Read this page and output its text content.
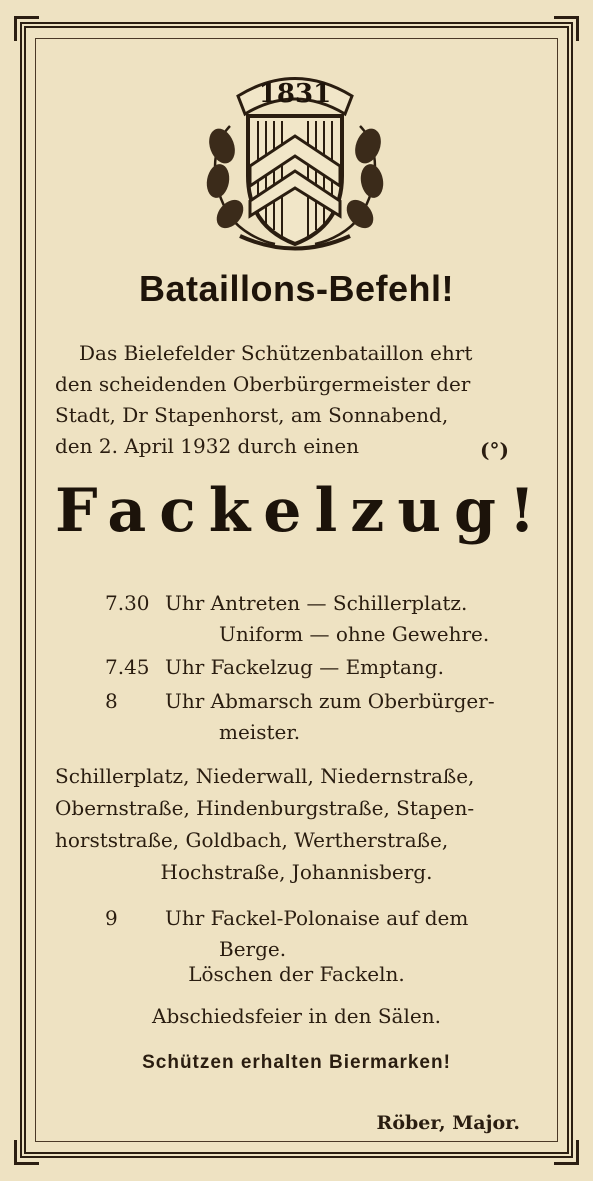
1831
Bataillons-Befehl!
Das Bielefelder Schützenbataillon ehrt
den scheidenden Oberbürgermeister der
Stadt, Dr Stapenhorst, am Sonnabend,
den 2. April 1932 durch einen	(°)
Fackelzug!
7.30 Uhr Antreten — Schillerplatz.
Uniform — ohne Gewehre.
7.45 Uhr Fackelzug — Emptang.
8 Uhr Abmarsch zum Oberbürger-
meister.
Schillerplatz, Niederwall, Niedernstraße,
Obernstraße, Hindenburgstraße, Stapen-
horststraße, Goldbach, Wertherstraße,
Hochstraße, Johannisberg.
9 Uhr Fackel-Polonaise auf dem
Berge.
Löschen der Fackeln.
Abschiedsfeier in den Sälen.
Schützen erhalten Biermarken!
Röber, Major.
